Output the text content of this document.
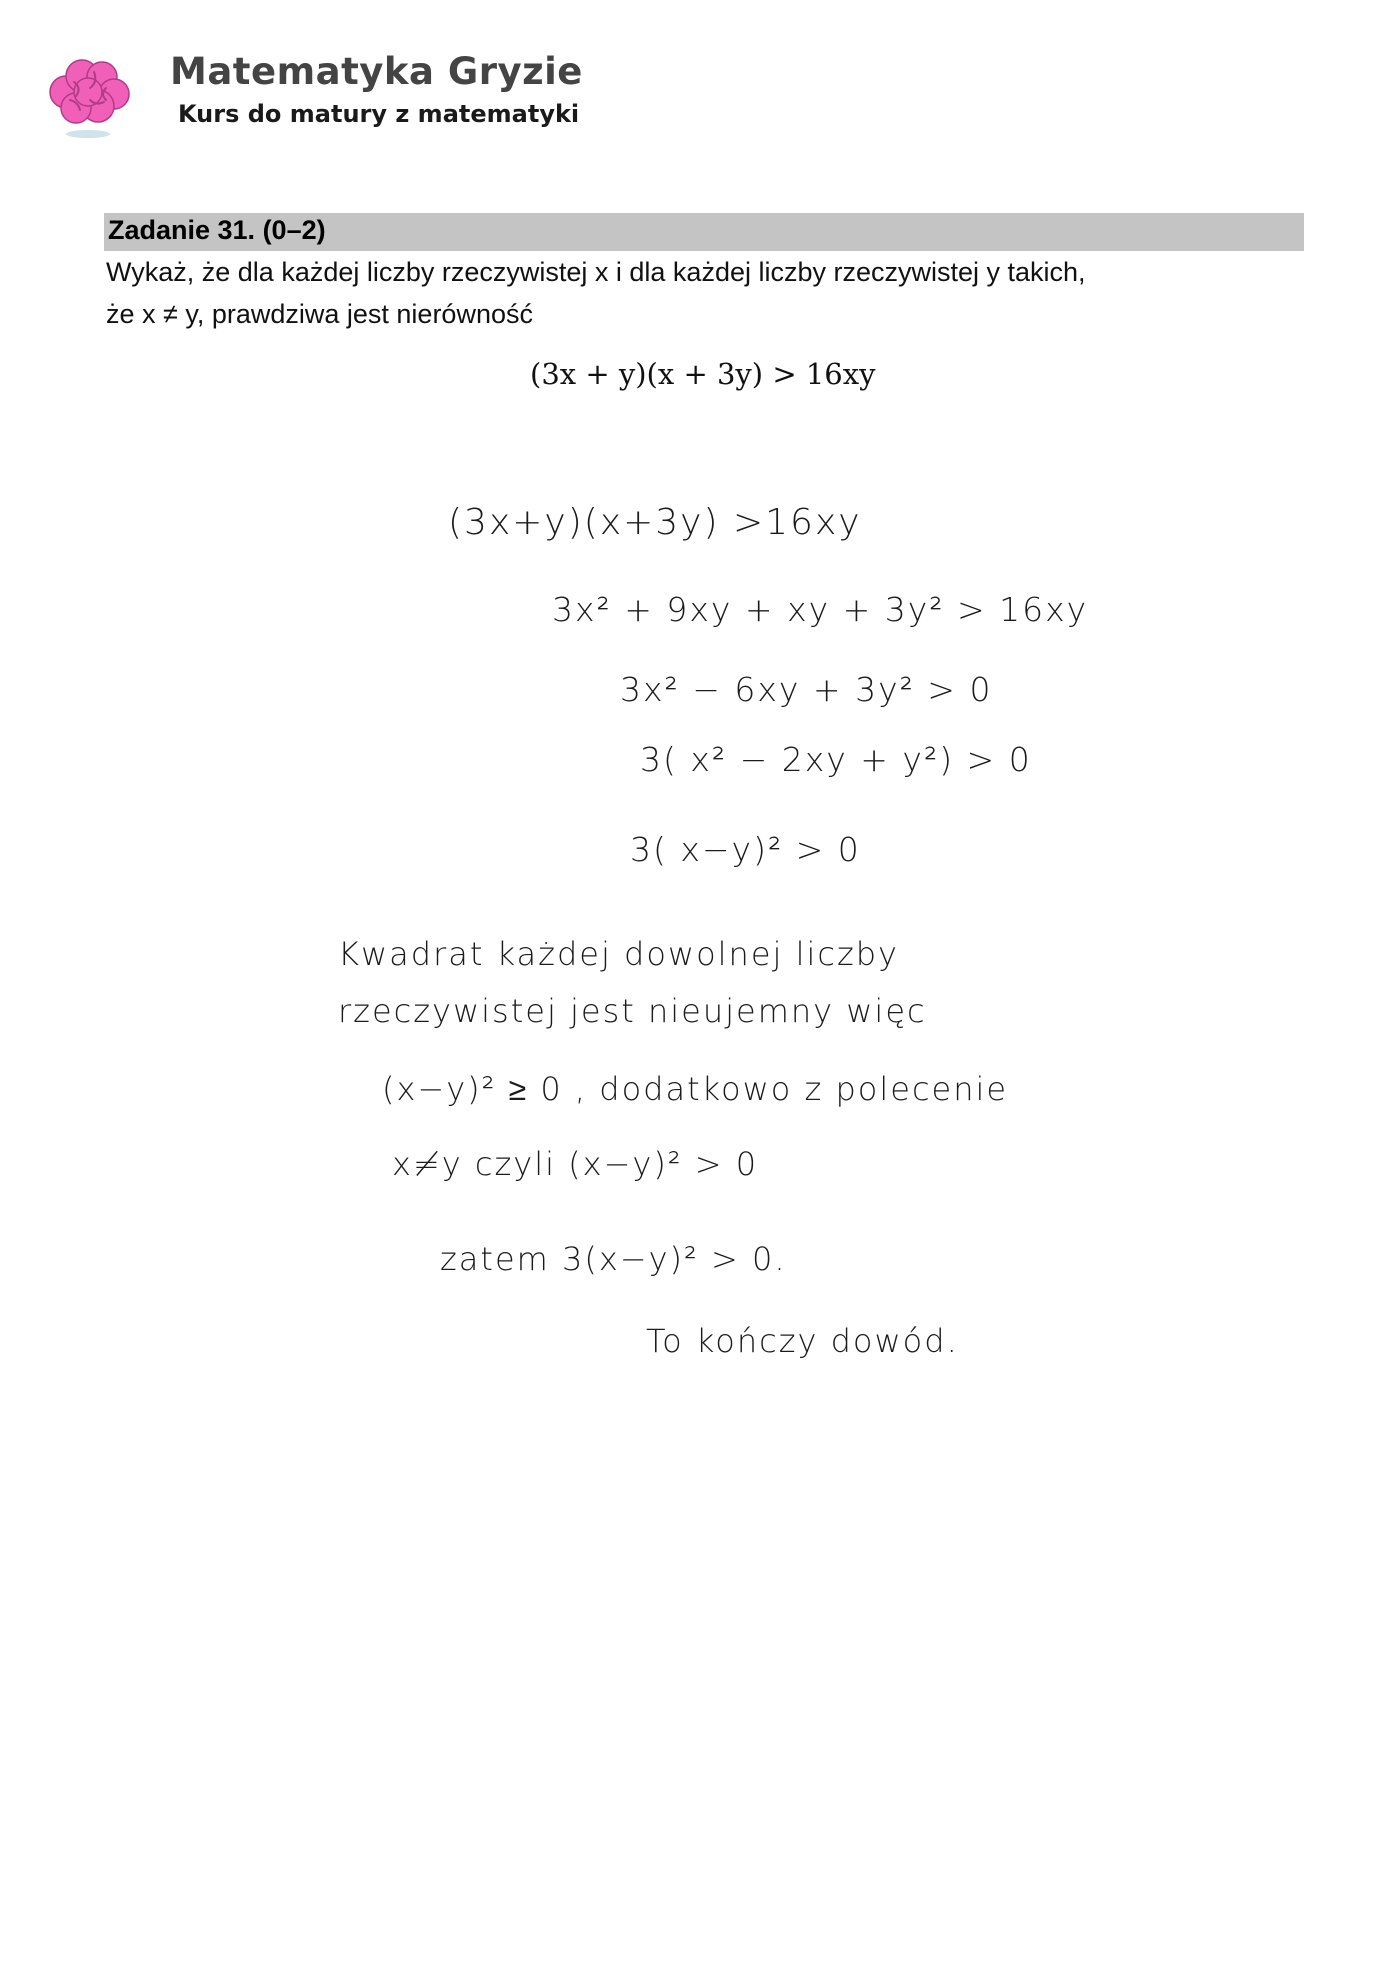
Matematyka Gryzie
Kurs do matury z matematyki
Zadanie 31. (0–2)
Wykaż, że dla każdej liczby rzeczywistej x i dla każdej liczby rzeczywistej y takich,
że x ≠ y, prawdziwa jest nierówność
(3x + y)(x + 3y) > 16xy
(3x+y)(x+3y) >16xy
3x² + 9xy + xy + 3y² > 16xy
3x² − 6xy + 3y² > 0
3( x² − 2xy + y²) > 0
3( x−y)² > 0
Kwadrat każdej dowolnej liczby
rzeczywistej jest nieujemny więc
(x−y)² ≥ 0 , dodatkowo z polecenie
x≠y czyli (x−y)² > 0
zatem 3(x−y)² > 0.
To kończy dowód.
